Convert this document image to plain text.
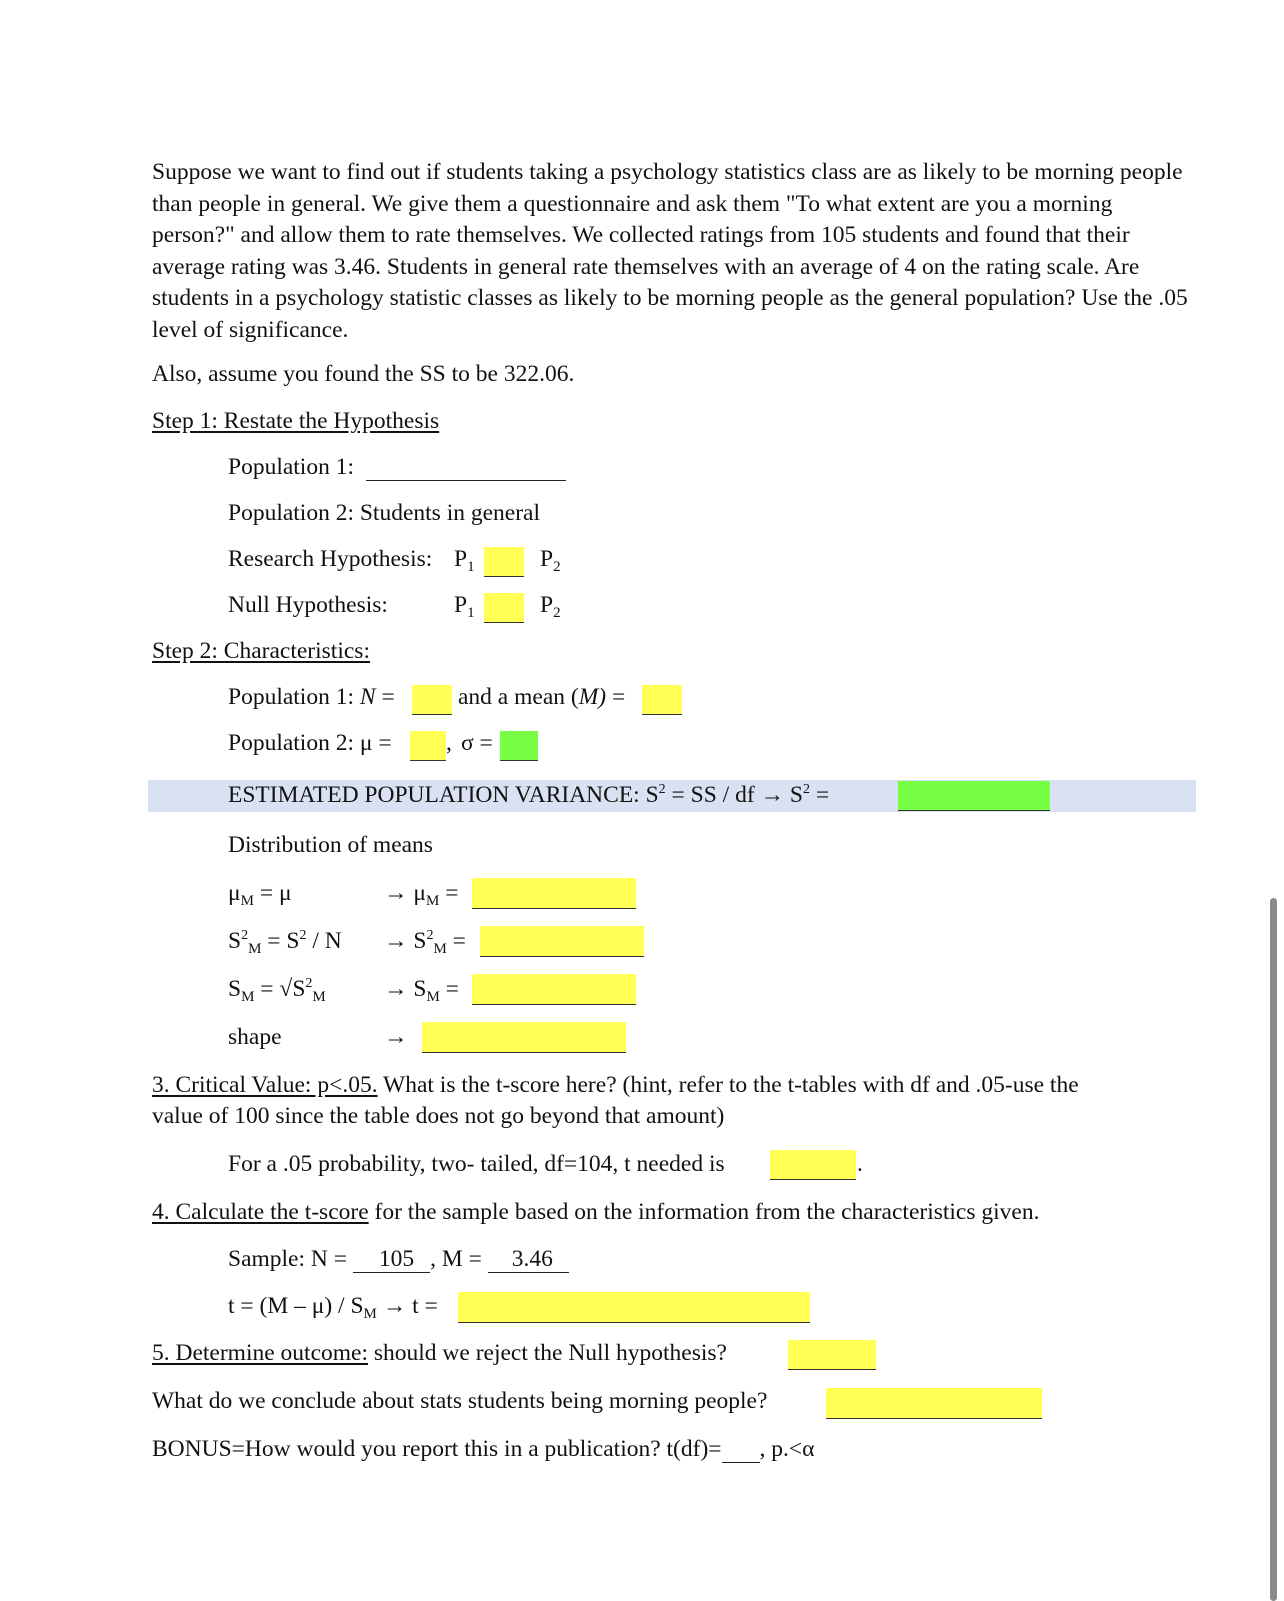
Suppose we want to find out if students taking a psychology statistics class are as likely to be morning people than people in general. We give them a questionnaire and ask them "To what extent are you a morning person?" and allow them to rate themselves. We collected ratings from 105 students and found that their average rating was 3.46. Students in general rate themselves with an average of 4 on the rating scale. Are students in a psychology statistic classes as likely to be morning people as the general population? Use the .05 level of significance.

Also, assume you found the SS to be 322.06.
Step 1: Restate the Hypothesis
Population 1:
Population 2: Students in general
Research Hypothesis: $P_1$	$P_2$
Null Hypothesis:	$P_1$	$P_2$
Step 2: Characteristics:
Population 1: N =	and a mean (M) =
Population 2: μ = , σ =
ESTIMATED POPULATION VARIANCE: $S^2$ = SS / df → $S^2$ =
Distribution of means
$\mu_M = \mu$	→ $\mu_M$ =
$S^2_M = S^2 / N \to S^2_M$ =
$S_M = √S^2_M \to S_M$ =
shape	→
3. Critical Value: p<.05. What is the t-score here? (hint, refer to the t-tables with df and .05-use the
value of 100 since the table does not go beyond that amount)
For a .05 probability, two- tailed, df=104, t needed is	.
4. Calculate the t-score for the sample based on the information from the characteristics given.
Sample: N = 105 , M = 3.46
$t = (M - \mu) / S_M \to t$ =
5. Determine outcome: should we reject the Null hypothesis?
What do we conclude about stats students being morning people?
BONUS=How would you report this in a publication? t(df)= , p.<α
